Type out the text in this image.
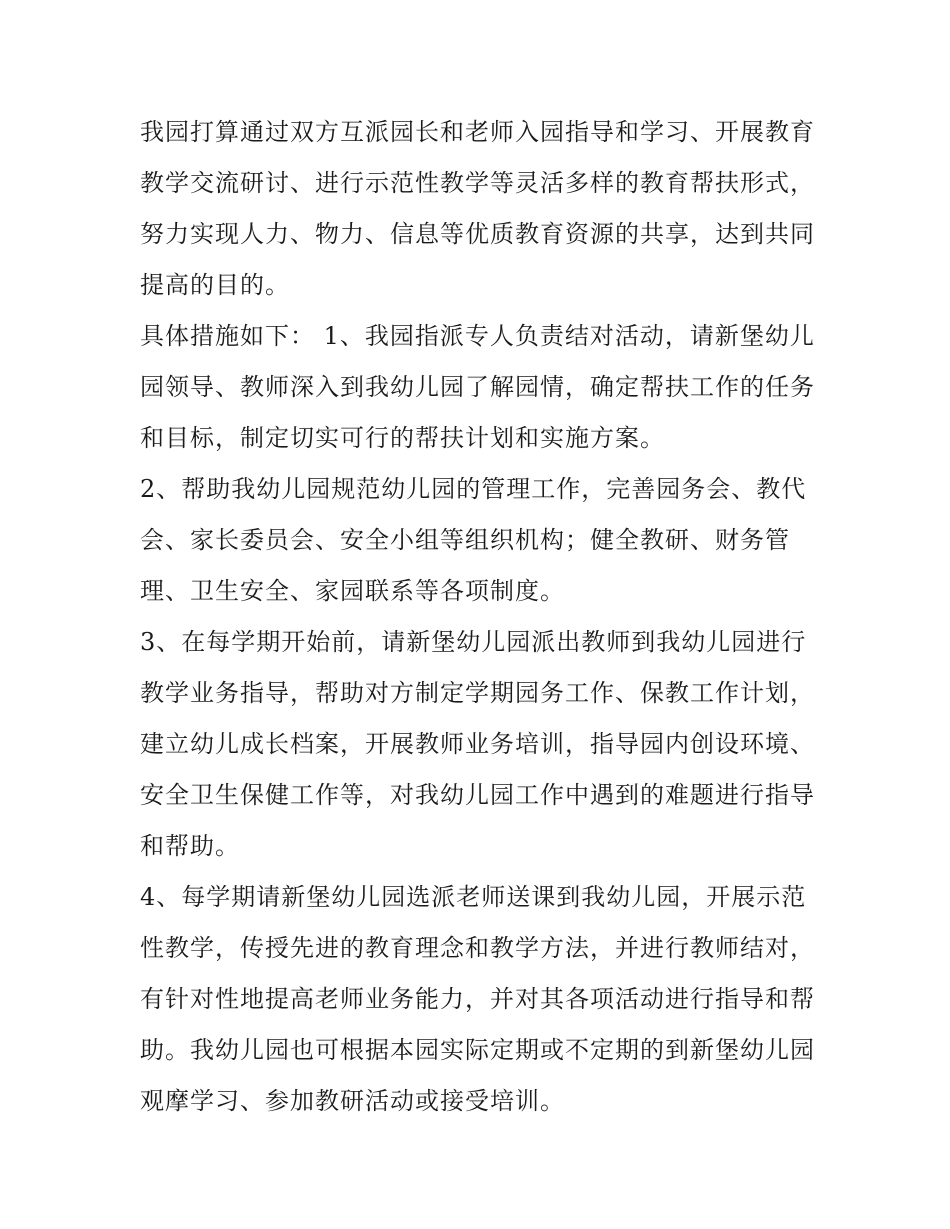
我园打算通过双方互派园长和老师入园指导和学习、开展教育
教学交流研讨、进行示范性教学等灵活多样的教育帮扶形式，
努力实现人力、物力、信息等优质教育资源的共享，达到共同
提高的目的。
具体措施如下： 1、我园指派专人负责结对活动，请新堡幼儿
园领导、教师深入到我幼儿园了解园情，确定帮扶工作的任务
和目标，制定切实可行的帮扶计划和实施方案。
2、帮助我幼儿园规范幼儿园的管理工作，完善园务会、教代
会、家长委员会、安全小组等组织机构；健全教研、财务管
理、卫生安全、家园联系等各项制度。
3、在每学期开始前，请新堡幼儿园派出教师到我幼儿园进行
教学业务指导，帮助对方制定学期园务工作、保教工作计划，
建立幼儿成长档案，开展教师业务培训，指导园内创设环境、
安全卫生保健工作等，对我幼儿园工作中遇到的难题进行指导
和帮助。
4、每学期请新堡幼儿园选派老师送课到我幼儿园，开展示范
性教学，传授先进的教育理念和教学方法，并进行教师结对，
有针对性地提高老师业务能力，并对其各项活动进行指导和帮
助。我幼儿园也可根据本园实际定期或不定期的到新堡幼儿园
观摩学习、参加教研活动或接受培训。
